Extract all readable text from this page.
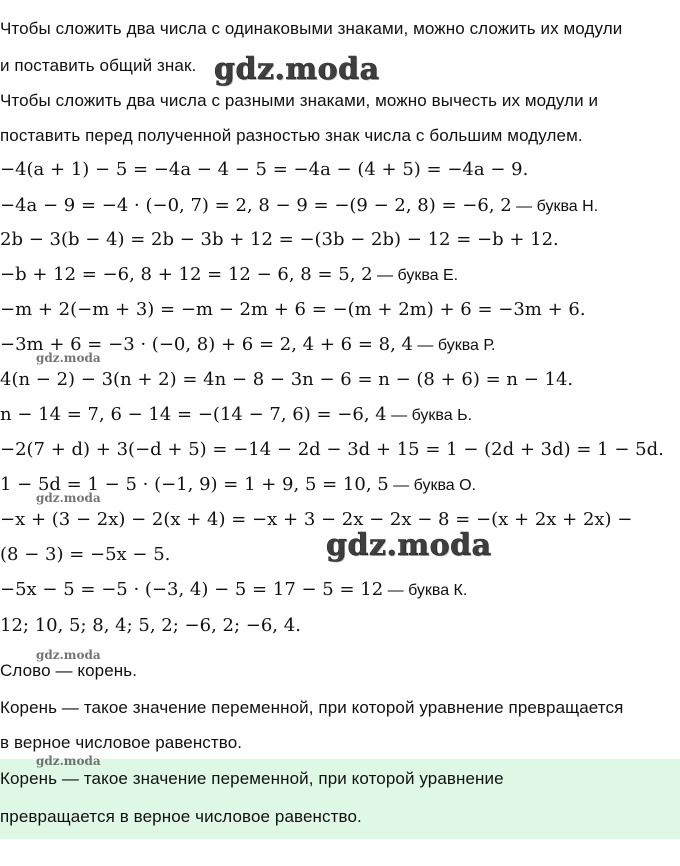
Чтобы сложить два числа с одинаковыми знаками, можно сложить их модули
и поставить общий знак.
Чтобы сложить два числа с разными знаками, можно вычесть их модули и
поставить перед полученной разностью знак числа с большим модулем.
−4(a + 1) − 5 = −4a − 4 − 5 = −4a − (4 + 5) = −4a − 9.
−4a − 9 = −4 · (−0, 7) = 2, 8 − 9 = −(9 − 2, 8) = −6, 2 — буква Н.
2b − 3(b − 4) = 2b − 3b + 12 = −(3b − 2b) − 12 = −b + 12.
−b + 12 = −6, 8 + 12 = 12 − 6, 8 = 5, 2 — буква Е.
−m + 2(−m + 3) = −m − 2m + 6 = −(m + 2m) + 6 = −3m + 6.
−3m + 6 = −3 · (−0, 8) + 6 = 2, 4 + 6 = 8, 4 — буква Р.
4(n − 2) − 3(n + 2) = 4n − 8 − 3n − 6 = n − (8 + 6) = n − 14.
n − 14 = 7, 6 − 14 = −(14 − 7, 6) = −6, 4 — буква Ь.
−2(7 + d) + 3(−d + 5) = −14 − 2d − 3d + 15 = 1 − (2d + 3d) = 1 − 5d.
1 − 5d = 1 − 5 · (−1, 9) = 1 + 9, 5 = 10, 5 — буква О.
−x + (3 − 2x) − 2(x + 4) = −x + 3 − 2x − 2x − 8 = −(x + 2x + 2x) −
(8 − 3) = −5x − 5.
−5x − 5 = −5 · (−3, 4) − 5 = 17 − 5 = 12 — буква К.
12; 10, 5; 8, 4; 5, 2; −6, 2; −6, 4.
Слово — корень.
Корень — такое значение переменной, при которой уравнение превращается
в верное числовое равенство.
Корень — такое значение переменной, при которой уравнение
превращается в верное числовое равенство.
gdz.moda
gdz.moda
gdz.moda
gdz.moda
gdz.moda
gdz.moda
